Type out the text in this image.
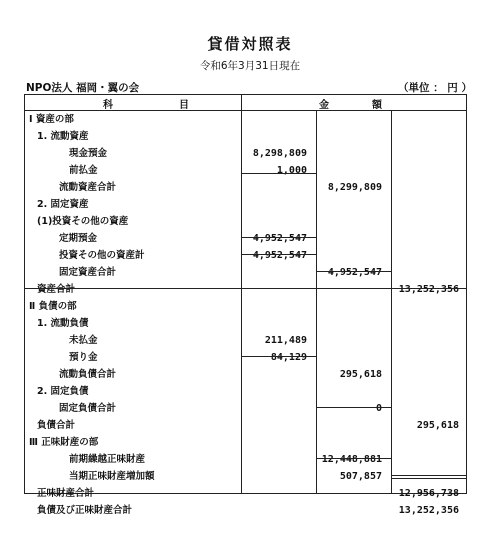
貸借対照表
令和6年3月31日現在
NPO法人 福岡・翼の会	（単位 ： 円 ）
科	目	金	額
Ⅰ 資産の部
1. 流動資産
現金預金	8,298,809
前払金	1,000
流動資産合計	8,299,809
2. 固定資産
(1)投資その他の資産
定期預金	4,952,547
投資その他の資産計	4,952,547
固定資産合計	4,952,547
資産合計	13,252,356
Ⅱ 負債の部
1. 流動負債
未払金	211,489
預り金	84,129
流動負債合計	295,618
2. 固定負債
固定負債合計	0
負債合計	295,618
Ⅲ 正味財産の部
前期繰越正味財産	12,448,881
当期正味財産増加額	507,857
正味財産合計	12,956,738
負債及び正味財産合計	13,252,356
